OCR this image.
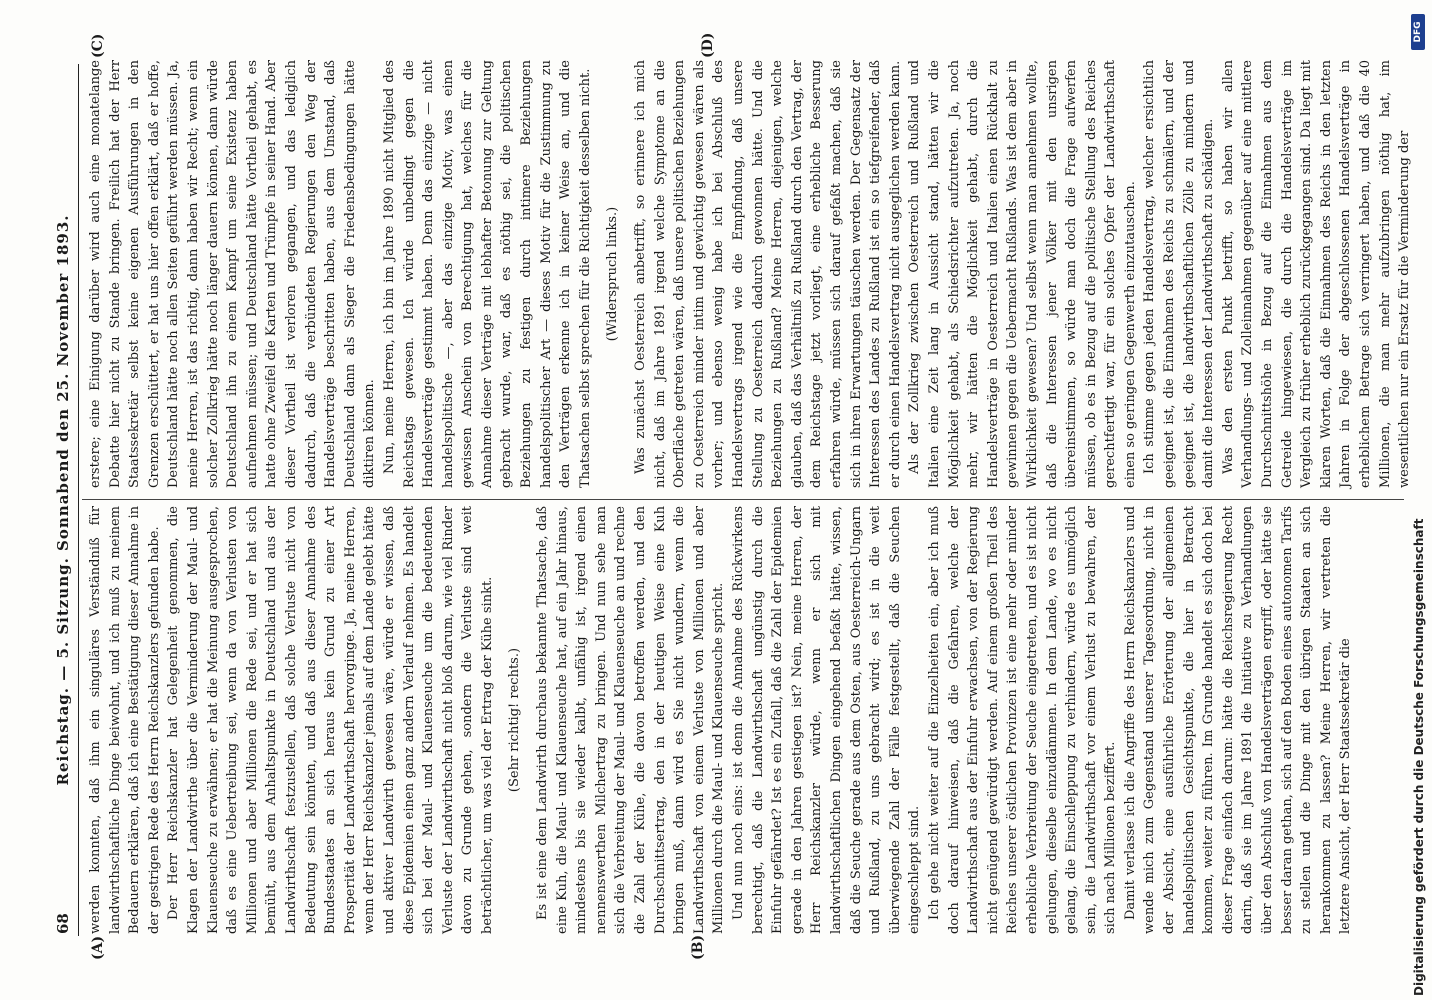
68
Reichstag. — 5. Sitzung. Sonnabend den 25. November 1893.
(A)	(B)
(C)	(D)

werden konnten, daß ihm ein singuläres Verständniß für landwirthschaftliche Dinge beiwohnt, und ich muß zu meinem Bedauern erklären, daß ich eine Bestätigung dieser Annahme in der gestrigen Rede des Herrn Reichskanzlers gefunden habe. Der Herr Reichskanzler hat Gelegenheit genommen, die Klagen der Landwirthe über die Verminderung der Maul- und Klauenseuche zu erwähnen; er hat die Meinung ausgesprochen, daß es eine Uebertreibung sei, wenn da von Verlusten von Millionen und aber Millionen die Rede sei, und er hat sich bemüht, aus dem Anhaltspunkte in Deutschland und aus der Landwirthschaft festzustellen, daß solche Verluste nicht von Bedeutung sein könnten, und daß aus dieser Annahme des Bundesstaates an sich heraus kein Grund zu einer Art Prosperität der Landwirthschaft hervorginge. Ja, meine Herren, wenn der Herr Reichskanzler jemals auf dem Lande gelebt hätte und aktiver Landwirth gewesen wäre, würde er wissen, daß diese Epidemien einen ganz andern Verlauf nehmen. Es handelt sich bei der Maul- und Klauenseuche um die bedeutenden Verluste der Landwirthschaft nicht bloß darum, wie viel Rinder davon zu Grunde gehen, sondern die Verluste sind weit beträchtlicher, um was viel der Ertrag der Kühe sinkt. (Sehr richtig! rechts.) Es ist eine dem Landwirth durchaus bekannte Thatsache, daß eine Kuh, die Maul- und Klauenseuche hat, auf ein Jahr hinaus, mindestens bis sie wieder kalbt, unfähig ist, irgend einen nennenswerthen Milchertrag zu bringen. Und nun sehe man sich die Verbreitung der Maul- und Klauenseuche an und rechne die Zahl der Kühe, die davon betroffen werden, und den Durchschnittsertrag, den in der heutigen Weise eine Kuh bringen muß, dann wird es Sie nicht wundern, wenn die Landwirthschaft von einem Verluste von Millionen und aber Millionen durch die Maul- und Klauenseuche spricht. Und nun noch eins: ist denn die Annahme des Rückwirkens berechtigt, daß die Landwirthschaft ungünstig durch die Einfuhr gefährdet? Ist es ein Zufall, daß die Zahl der Epidemien gerade in den Jahren gestiegen ist? Nein, meine Herren, der Herr Reichskanzler würde, wenn er sich mit landwirthschaftlichen Dingen eingehend befaßt hätte, wissen, daß die Seuche gerade aus dem Osten, aus Oesterreich-Ungarn und Rußland, zu uns gebracht wird; es ist in die weit überwiegende Zahl der Fälle festgestellt, daß die Seuchen eingeschleppt sind. Ich gehe nicht weiter auf die Einzelheiten ein, aber ich muß doch darauf hinweisen, daß die Gefahren, welche der Landwirthschaft aus der Einfuhr erwachsen, von der Regierung nicht genügend gewürdigt werden. Auf einem großen Theil des Reiches unserer östlichen Provinzen ist eine mehr oder minder erhebliche Verbreitung der Seuche eingetreten, und es ist nicht gelungen, dieselbe einzudämmen. In dem Lande, wo es nicht gelang, die Einschleppung zu verhindern, würde es unmöglich sein, die Landwirthschaft vor einem Verlust zu bewahren, der sich nach Millionen beziffert. Damit verlasse ich die Angriffe des Herrn Reichskanzlers und wende mich zum Gegenstand unserer Tagesordnung, nicht in der Absicht, eine ausführliche Erörterung der allgemeinen handelspolitischen Gesichtspunkte, die hier in Betracht kommen, weiter zu führen. Im Grunde handelt es sich doch bei dieser Frage einfach darum: hätte die Reichsregierung Recht darin, daß sie im Jahre 1891 die Initiative zu Verhandlungen über den Abschluß von Handelsverträgen ergriff, oder hätte sie besser daran gethan, sich auf den Boden eines autonomen Tarifs zu stellen und die Dinge mit den übrigen Staaten an sich herankommen zu lassen? Meine Herren, wir vertreten die letztere Ansicht, der Herr Staatssekretär die

erstere; eine Einigung darüber wird auch eine monatelange Debatte hier nicht zu Stande bringen. Freilich hat der Herr Staatssekretär selbst keine eigenen Ausführungen in den Grenzen erschüttert, er hat uns hier offen erklärt, daß er hoffe, Deutschland hätte noch allen Seiten geführt werden müssen. Ja, meine Herren, ist das richtig, dann haben wir Recht; wenn ein solcher Zollkrieg hätte noch länger dauern können, dann würde Deutschland ihn zu einem Kampf um seine Existenz haben aufnehmen müssen; und Deutschland hätte Vortheil gehabt, es hatte ohne Zweifel die Karten und Trümpfe in seiner Hand. Aber dieser Vortheil ist verloren gegangen, und das lediglich dadurch, daß die verbündeten Regierungen den Weg der Handelsverträge beschritten haben, aus dem Umstand, daß Deutschland dann als Sieger die Friedensbedingungen hätte diktiren können. Nun, meine Herren, ich bin im Jahre 1890 nicht Mitglied des Reichstags gewesen. Ich würde unbedingt gegen die Handelsverträge gestimmt haben. Denn das einzige — nicht handelspolitische —, aber das einzige Motiv, was einen gewissen Anschein von Berechtigung hat, welches für die Annahme dieser Verträge mit lebhafter Betonung zur Geltung gebracht wurde, war, daß es nöthig sei, die politischen Beziehungen zu festigen durch intimere Beziehungen handelspolitischer Art — dieses Motiv für die Zustimmung zu den Verträgen erkenne ich in keiner Weise an, und die Thatsachen selbst sprechen für die Richtigkeit desselben nicht. (Widerspruch links.) Was zunächst Oesterreich anbetrifft, so erinnere ich mich nicht, daß im Jahre 1891 irgend welche Symptome an die Oberfläche getreten wären, daß unsere politischen Beziehungen zu Oesterreich minder intim und gewichtig gewesen wären als vorher; und ebenso wenig habe ich bei Abschluß des Handelsvertrags irgend wie die Empfindung, daß unsere Stellung zu Oesterreich dadurch gewonnen hätte. Und die Beziehungen zu Rußland? Meine Herren, diejenigen, welche glauben, daß das Verhältniß zu Rußland durch den Vertrag, der dem Reichstage jetzt vorliegt, eine erhebliche Besserung erfahren würde, müssen sich darauf gefaßt machen, daß sie sich in ihren Erwartungen täuschen werden. Der Gegensatz der Interessen des Landes zu Rußland ist ein so tiefgreifender, daß er durch einen Handelsvertrag nicht ausgeglichen werden kann. Als der Zollkrieg zwischen Oesterreich und Rußland und Italien eine Zeit lang in Aussicht stand, hätten wir die Möglichkeit gehabt, als Schiedsrichter aufzutreten. Ja, noch mehr, wir hätten die Möglichkeit gehabt, durch die Handelsverträge in Oesterreich und Italien einen Rückhalt zu gewinnen gegen die Uebermacht Rußlands. Was ist dem aber in Wirklichkeit gewesen? Und selbst wenn man annehmen wollte, daß die Interessen jener Völker mit den unsrigen übereinstimmen, so würde man doch die Frage aufwerfen müssen, ob es in Bezug auf die politische Stellung des Reiches gerechtfertigt war, für ein solches Opfer der Landwirthschaft einen so geringen Gegenwerth einzutauschen. Ich stimme gegen jeden Handelsvertrag, welcher ersichtlich geeignet ist, die Einnahmen des Reichs zu schmälern, und der geeignet ist, die landwirthschaftlichen Zölle zu mindern und damit die Interessen der Landwirthschaft zu schädigen. Was den ersten Punkt betrifft, so haben wir allen Verhandlungs- und Zolleinnahmen gegenüber auf eine mittlere Durchschnittshöhe in Bezug auf die Einnahmen aus dem Getreide hingewiesen, die durch die Handelsverträge im Vergleich zu früher erheblich zurückgegangen sind. Da liegt mit klaren Worten, daß die Einnahmen des Reichs in den letzten Jahren in Folge der abgeschlossenen Handelsverträge in erheblichem Betrage sich verringert haben, und daß die 40 Millionen, die man mehr aufzubringen nöthig hat, im wesentlichen nur ein Ersatz für die Verminderung der

Digitalisierung gefördert durch die Deutsche Forschungsgemeinschaft
DFG
